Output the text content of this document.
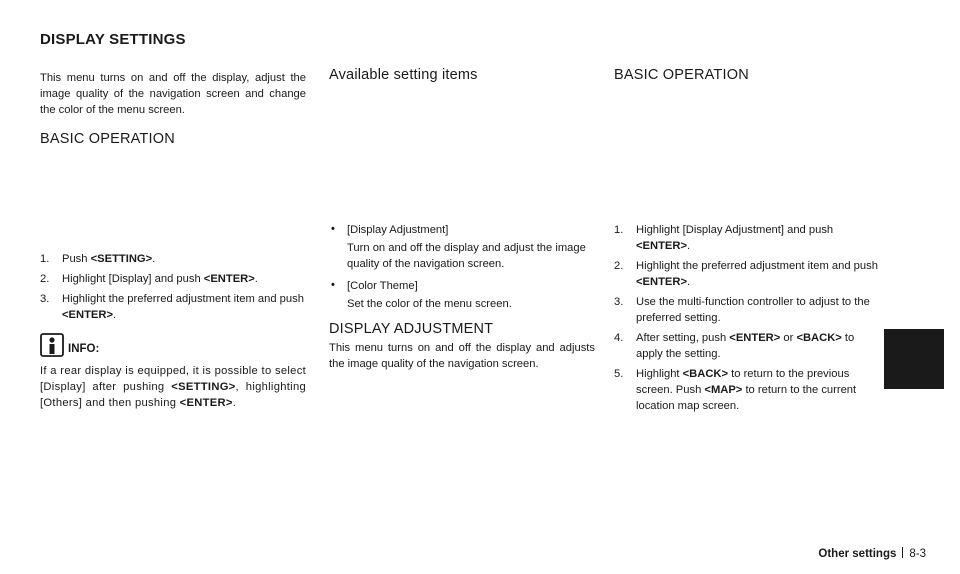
DISPLAY SETTINGS

This menu turns on and off the display, adjust the image quality of the navigation screen and change the color of the menu screen.

BASIC OPERATION
1. Push <SETTING>.
2. Highlight [Display] and push <ENTER>.
3. Highlight the preferred adjustment item and push <ENTER>.
INFO:

If a rear display is equipped, it is possible to select [Display] after pushing <SETTING>, highlighting [Others] and then pushing <ENTER>.

Available setting items
• [Display Adjustment]
Turn on and off the display and adjust the image quality of the navigation screen.
• [Color Theme]
Set the color of the menu screen.
DISPLAY ADJUSTMENT

This menu turns on and off the display and adjusts the image quality of the navigation screen.

BASIC OPERATION
1. Highlight [Display Adjustment] and push <ENTER>.
2. Highlight the preferred adjustment item and push <ENTER>.
3. Use the multi-function controller to adjust to the preferred setting.
4. After setting, push <ENTER> or <BACK> to apply the setting.
5. Highlight <BACK> to return to the previous screen. Push <MAP> to return to the current location map screen.
Other settings 8-3
